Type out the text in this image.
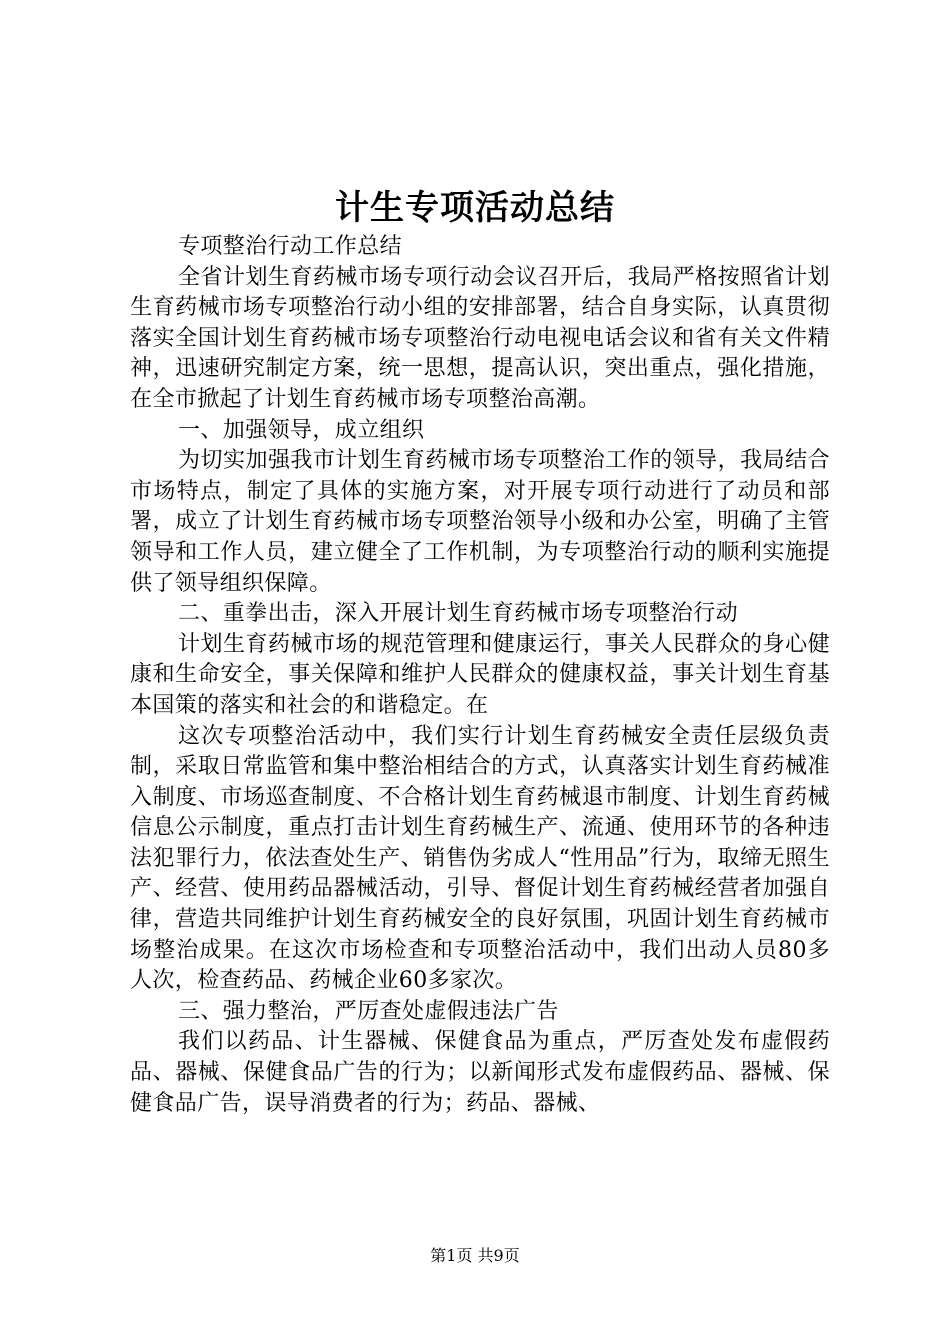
计生专项活动总结

专项整治行动工作总结

全省计划生育药械市场专项行动会议召开后，我局严格按照省计划生育药械市场专项整治行动小组的安排部署，结合自身实际，认真贯彻落实全国计划生育药械市场专项整治行动电视电话会议和省有关文件精神，迅速研究制定方案，统一思想，提高认识，突出重点，强化措施，在全市掀起了计划生育药械市场专项整治高潮。

一、加强领导，成立组织

为切实加强我市计划生育药械市场专项整治工作的领导，我局结合市场特点，制定了具体的实施方案，对开展专项行动进行了动员和部署，成立了计划生育药械市场专项整治领导小级和办公室，明确了主管领导和工作人员，建立健全了工作机制，为专项整治行动的顺利实施提供了领导组织保障。

二、重拳出击，深入开展计划生育药械市场专项整治行动

计划生育药械市场的规范管理和健康运行，事关人民群众的身心健康和生命安全，事关保障和维护人民群众的健康权益，事关计划生育基本国策的落实和社会的和谐稳定。在

这次专项整治活动中，我们实行计划生育药械安全责任层级负责制，采取日常监管和集中整治相结合的方式，认真落实计划生育药械准入制度、市场巡查制度、不合格计划生育药械退市制度、计划生育药械信息公示制度，重点打击计划生育药械生产、流通、使用环节的各种违法犯罪行力，依法查处生产、销售伪劣成人“性用品”行为，取缔无照生产、经营、使用药品器械活动，引导、督促计划生育药械经营者加强自律，营造共同维护计划生育药械安全的良好氛围，巩固计划生育药械市场整治成果。在这次市场检查和专项整治活动中，我们出动人员80多人次，检查药品、药械企业60多家次。

三、强力整治，严厉查处虚假违法广告

我们以药品、计生器械、保健食品为重点，严厉查处发布虚假药品、器械、保健食品广告的行为；以新闻形式发布虚假药品、器械、保健食品广告，误导消费者的行为；药品、器械、

第1页 共9页
